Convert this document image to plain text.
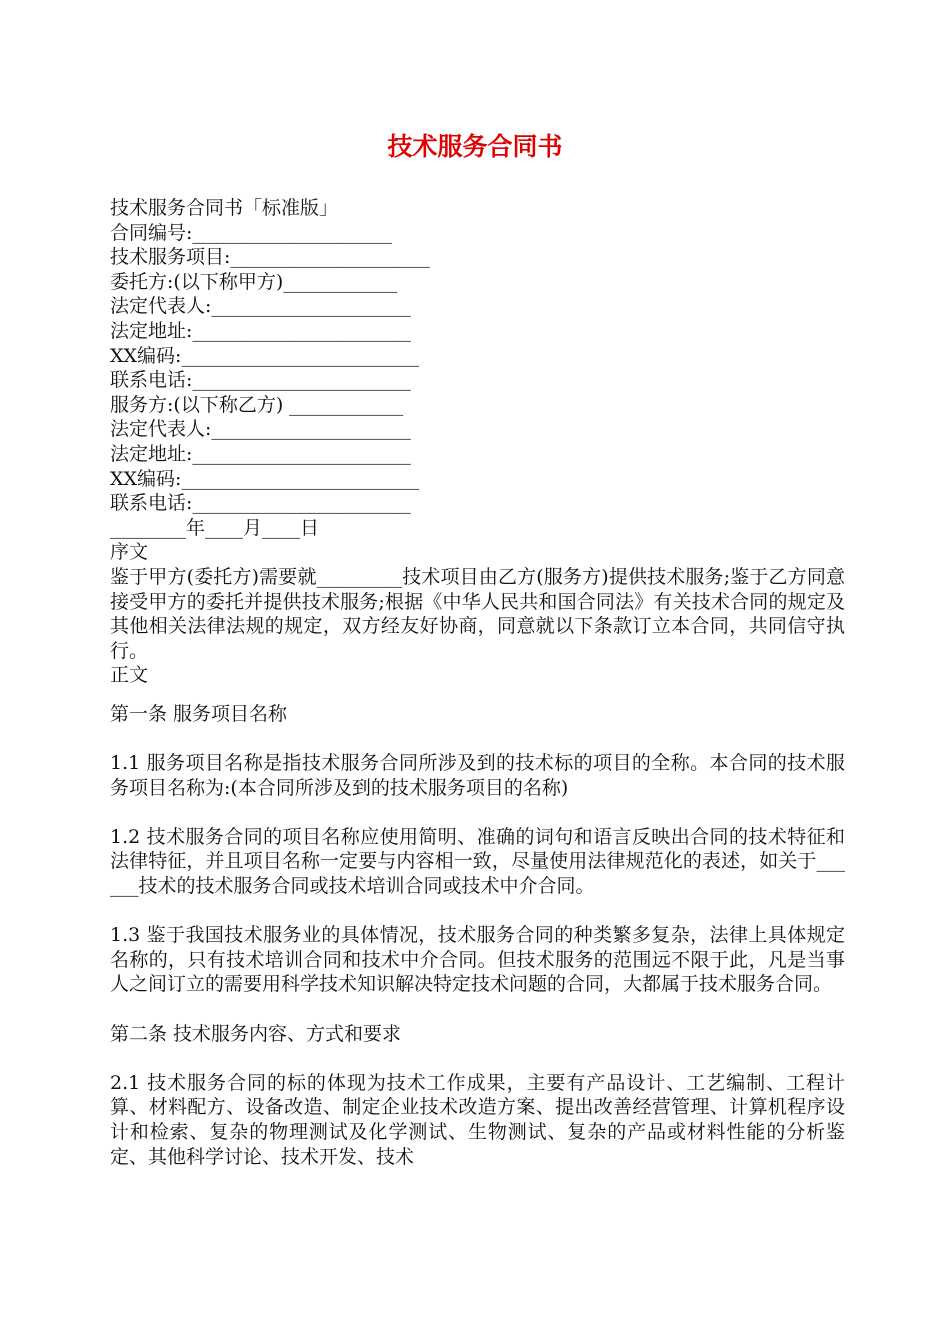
技术服务合同书
技术服务合同书「标准版」
合同编号:_____________________
技术服务项目:_____________________
委托方:(以下称甲方)____________
法定代表人:_____________________
法定地址:_______________________
XX编码:_________________________
联系电话:_______________________
服务方:(以下称乙方) ____________
法定代表人:_____________________
法定地址:_______________________
XX编码:_________________________
联系电话:_______________________
________年____月____日
序文

鉴于甲方(委托方)需要就_________技术项目由乙方(服务方)提供技术服务;鉴于乙方同意接受甲方的委托并提供技术服务;根据《中华人民共和国合同法》有关技术合同的规定及其他相关法律法规的规定，双方经友好协商，同意就以下条款订立本合同，共同信守执行。

正文
第一条 服务项目名称

1.1 服务项目名称是指技术服务合同所涉及到的技术标的项目的全称。本合同的技术服务项目名称为:(本合同所涉及到的技术服务项目的名称)

1.2 技术服务合同的项目名称应使用简明、准确的词句和语言反映出合同的技术特征和法律特征，并且项目名称一定要与内容相一致，尽量使用法律规范化的表述，如关于______技术的技术服务合同或技术培训合同或技术中介合同。

1.3 鉴于我国技术服务业的具体情况，技术服务合同的种类繁多复杂，法律上具体规定名称的，只有技术培训合同和技术中介合同。但技术服务的范围远不限于此，凡是当事人之间订立的需要用科学技术知识解决特定技术问题的合同，大都属于技术服务合同。

第二条 技术服务内容、方式和要求

2.1 技术服务合同的标的体现为技术工作成果，主要有产品设计、工艺编制、工程计算、材料配方、设备改造、制定企业技术改造方案、提出改善经营管理、计算机程序设计和检索、复杂的物理测试及化学测试、生物测试、复杂的产品或材料性能的分析鉴定、其他科学讨论、技术开发、技术
